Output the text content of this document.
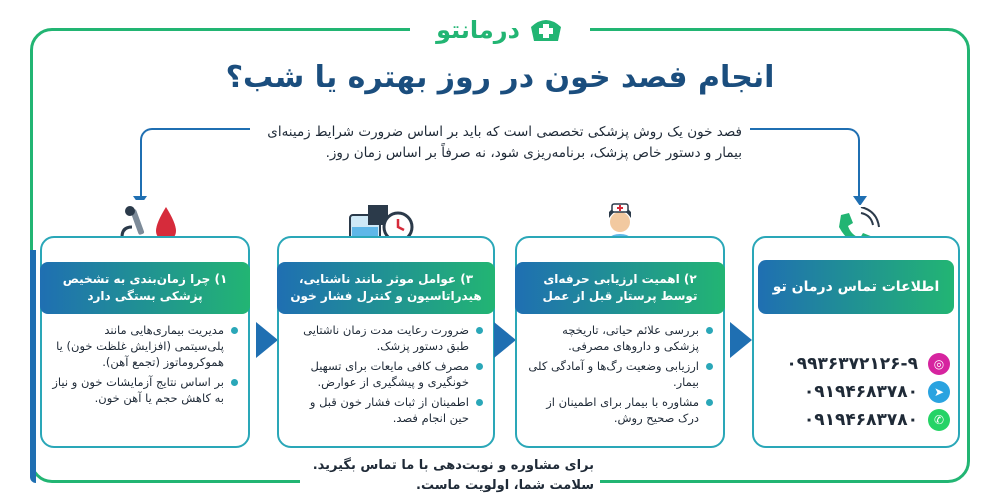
درمانتو
انجام فصد خون در روز بهتره یا شب؟
فصد خون یک روش پزشکی تخصصی است که باید بر اساس ضرورت شرایط زمینه‌ای بیمار و دستور خاص پزشک، برنامه‌ریزی شود، نه صرفاً بر اساس زمان روز.
۱) چرا زمان‌بندی به تشخیص پزشکی بستگی دارد
مدیریت بیماری‌هایی مانند پلی‌سیتمی (افزایش غلظت خون) یا هموکروماتوز (تجمع آهن).
بر اساس نتایج آزمایشات خون و نیاز به کاهش حجم یا آهن خون.
۳) عوامل موثر مانند ناشتایی، هیدراتاسیون و کنترل فشار خون
ضرورت رعایت مدت زمان ناشتایی طبق دستور پزشک.
مصرف کافی مایعات برای تسهیل خونگیری و پیشگیری از عوارض.
اطمینان از ثبات فشار خون قبل و حین انجام فصد.
۲) اهمیت ارزیابی حرفه‌ای توسط پرستار قبل از عمل
بررسی علائم حیاتی، تاریخچه پزشکی و داروهای مصرفی.
ارزیابی وضعیت رگ‌ها و آمادگی کلی بیمار.
مشاوره با بیمار برای اطمینان از درک صحیح روش.
اطلاعات تماس درمان تو
۰۹۹۳۶۳۷۲۱۲۶-۹	◎
۰۹۱۹۴۶۸۳۷۸۰	➤
۰۹۱۹۴۶۸۳۷۸۰	✆
برای مشاوره و نوبت‌دهی با ما تماس بگیرید.
سلامت شما، اولویت ماست.
